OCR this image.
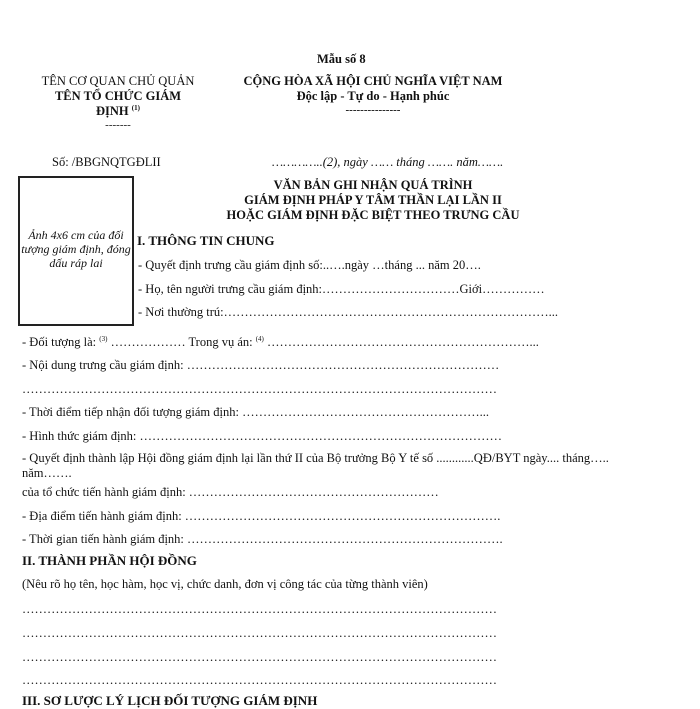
Mẫu số 8
TÊN CƠ QUAN CHỦ QUẢN
TÊN TỔ CHỨC GIÁM
ĐỊNH $^{(1)}$
-------
CỘNG HÒA XÃ HỘI CHỦ NGHĨA VIỆT NAM
Độc lập - Tự do - Hạnh phúc
---------------
Số: /BBGNQTGĐLII	…………..(2), ngày …… tháng ……. năm…….
VĂN BẢN GHI NHẬN QUÁ TRÌNH
GIÁM ĐỊNH PHÁP Y TÂM THẦN LẠI LẦN II
HOẶC GIÁM ĐỊNH ĐẶC BIỆT THEO TRƯNG CẦU
Ảnh 4x6 cm của đối tượng giám định, đóng dấu ráp lai
I. THÔNG TIN CHUNG
- Quyết định trưng cầu giám định số:..….ngày …tháng ... năm 20….
- Họ, tên người trưng cầu giám định:……………………………Giới……………
- Nơi thường trú:……………………………………………………………………...
- Đối tượng là: $^{(3)}$ ……………… Trong vụ án: $^{(4)}$ ………………………………………………………...
- Nội dung trưng cầu giám định: …………………………………………………………………
……………………………………………………………………………………………………
- Thời điểm tiếp nhận đối tượng giám định: …………………………………………………...
- Hình thức giám định: ……………………………………………………………………………
- Quyết định thành lập Hội đồng giám định lại lần thứ II của Bộ trưởng Bộ Y tế số ............QĐ/BYT ngày.... tháng….. năm…….
của tổ chức tiến hành giám định: ……………………………………………………
- Địa điểm tiến hành giám định: ………………………………………………………………….
- Thời gian tiến hành giám định: ………………………………………………………………….
II. THÀNH PHẦN HỘI ĐỒNG
(Nêu rõ họ tên, học hàm, học vị, chức danh, đơn vị công tác của từng thành viên)
……………………………………………………………………………………………………
……………………………………………………………………………………………………
……………………………………………………………………………………………………
……………………………………………………………………………………………………
III. SƠ LƯỢC LÝ LỊCH ĐỐI TƯỢNG GIÁM ĐỊNH
